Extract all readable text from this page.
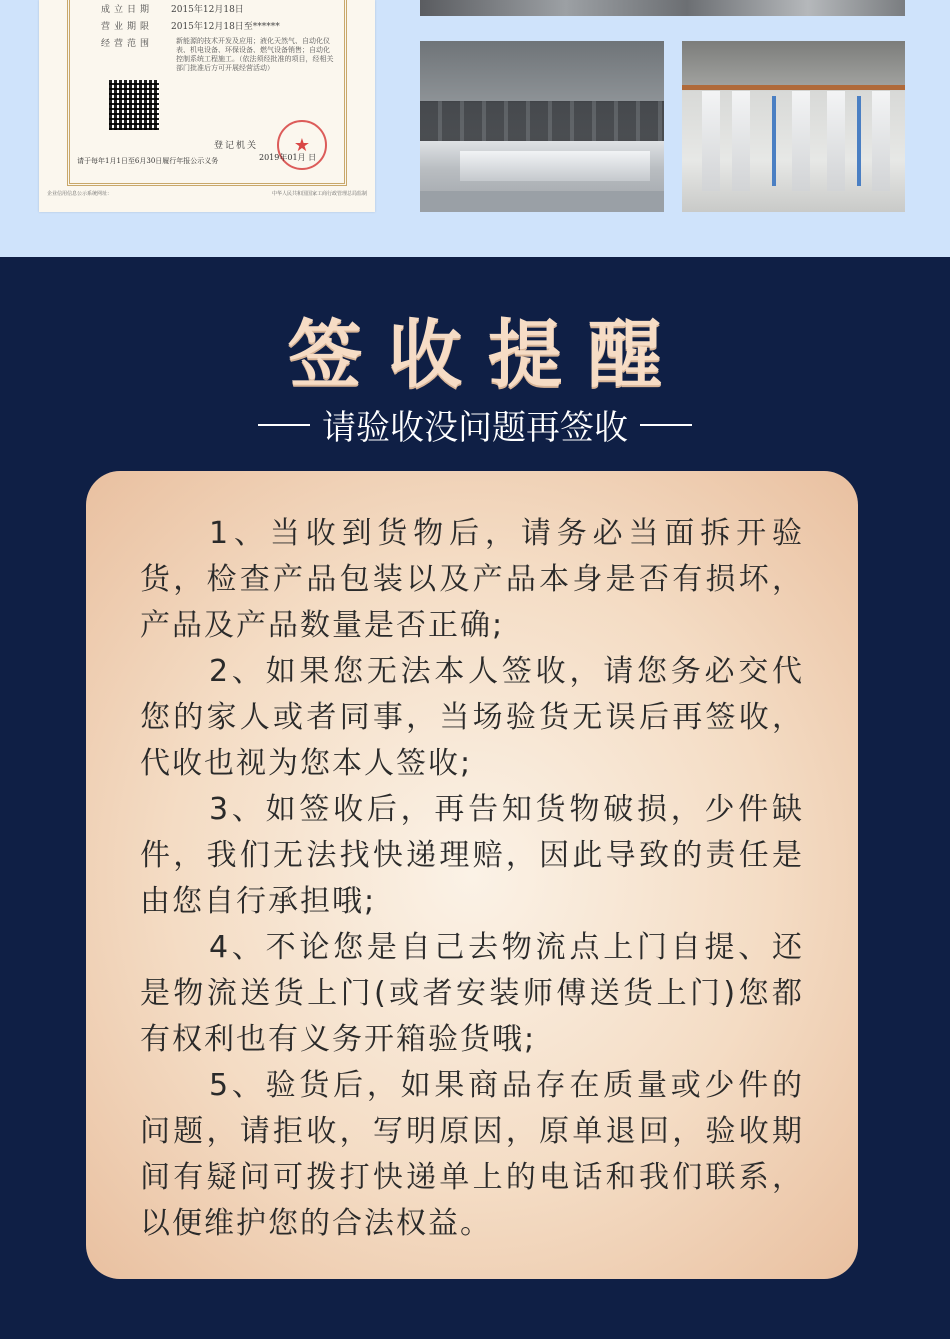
成立日期 2015年12月18日
营业期限 2015年12月18日至******
经营范围	新能源的技术开发及应用；液化天然气、自动化仪表、机电设备、环保设备、燃气设备销售；自动化控制系统工程施工。（依法须经批准的项目，经相关部门批准后方可开展经营活动）
登记机关	★
2019年01月 日
请于每年1月1日至6月30日履行年报公示义务
企业信用信息公示系统网址：	中华人民共和国国家工商行政管理总局监制
签收提醒
请验收没问题再签收

1、当收到货物后，请务必当面拆开验货，检查产品包装以及产品本身是否有损坏，产品及产品数量是否正确;

2、如果您无法本人签收，请您务必交代您的家人或者同事，当场验货无误后再签收，代收也视为您本人签收;

3、如签收后，再告知货物破损，少件缺件，我们无法找快递理赔，因此导致的责任是由您自行承担哦;

4、不论您是自己去物流点上门自提、还是物流送货上门(或者安装师傅送货上门)您都有权利也有义务开箱验货哦;

5、验货后，如果商品存在质量或少件的问题，请拒收，写明原因，原单退回，验收期间有疑问可拨打快递单上的电话和我们联系，以便维护您的合法权益。
